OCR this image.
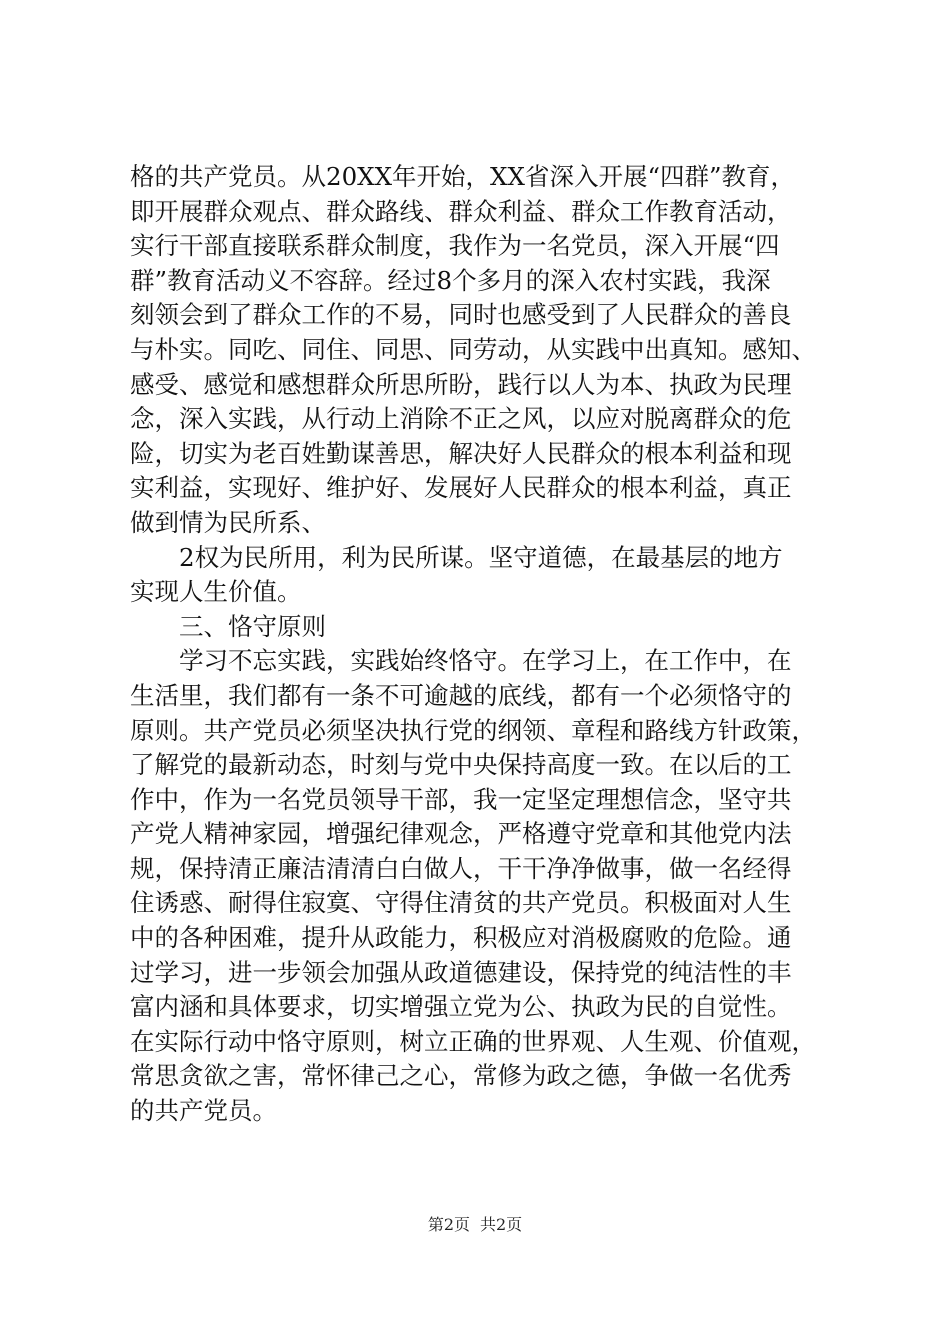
格的共产党员。从20XX年开始，XX省深入开展“四群”教育，
即开展群众观点、群众路线、群众利益、群众工作教育活动，
实行干部直接联系群众制度，我作为一名党员，深入开展“四
群”教育活动义不容辞。经过8个多月的深入农村实践，我深
刻领会到了群众工作的不易，同时也感受到了人民群众的善良
与朴实。同吃、同住、同思、同劳动，从实践中出真知。感知、
感受、感觉和感想群众所思所盼，践行以人为本、执政为民理
念，深入实践，从行动上消除不正之风，以应对脱离群众的危
险，切实为老百姓勤谋善思，解决好人民群众的根本利益和现
实利益，实现好、维护好、发展好人民群众的根本利益，真正
做到情为民所系、
2权为民所用，利为民所谋。坚守道德，在最基层的地方
实现人生价值。
三、恪守原则
学习不忘实践，实践始终恪守。在学习上，在工作中，在
生活里，我们都有一条不可逾越的底线，都有一个必须恪守的
原则。共产党员必须坚决执行党的纲领、章程和路线方针政策，
了解党的最新动态，时刻与党中央保持高度一致。在以后的工
作中，作为一名党员领导干部，我一定坚定理想信念，坚守共
产党人精神家园，增强纪律观念，严格遵守党章和其他党内法
规，保持清正廉洁清清白白做人，干干净净做事，做一名经得
住诱惑、耐得住寂寞、守得住清贫的共产党员。积极面对人生
中的各种困难，提升从政能力，积极应对消极腐败的危险。通
过学习，进一步领会加强从政道德建设，保持党的纯洁性的丰
富内涵和具体要求，切实增强立党为公、执政为民的自觉性。
在实际行动中恪守原则，树立正确的世界观、人生观、价值观，
常思贪欲之害，常怀律己之心，常修为政之德，争做一名优秀
的共产党员。
第2页 共2页
